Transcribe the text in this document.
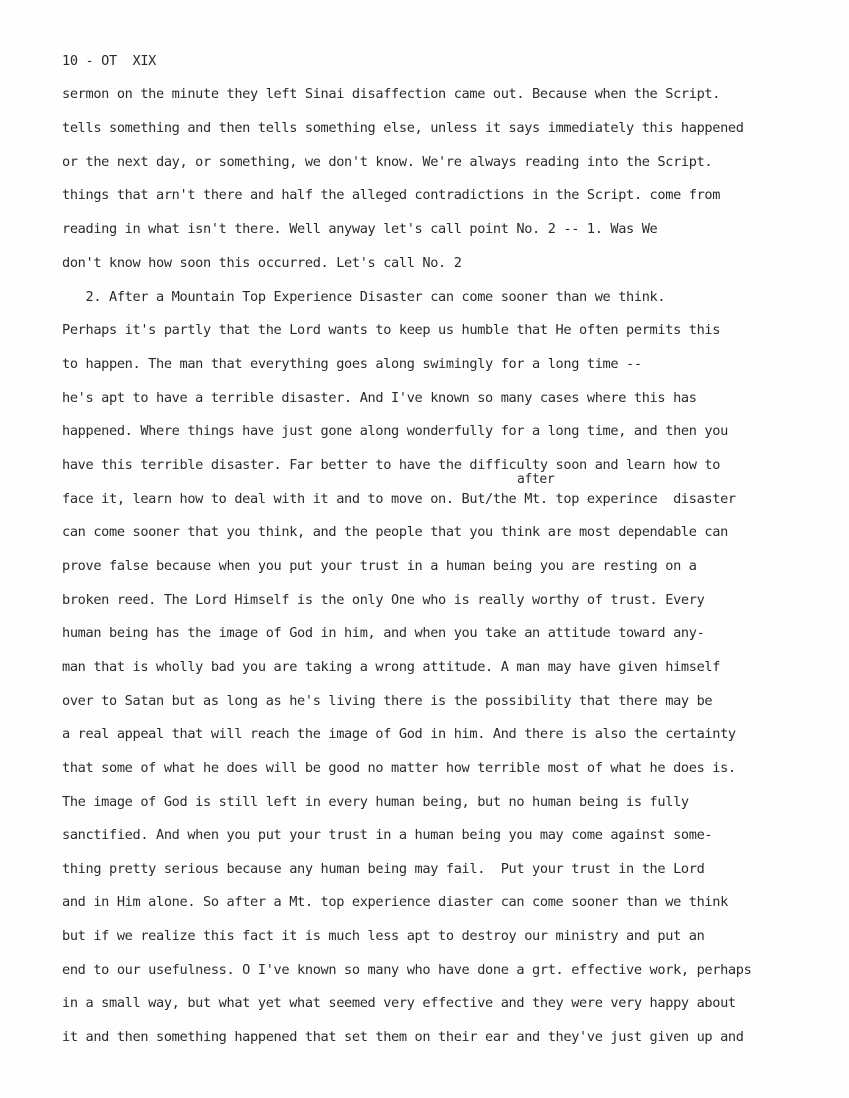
10 - OT  XIX
sermon on the minute they left Sinai disaffection came out. Because when the Script.
tells something and then tells something else, unless it says immediately this happened
or the next day, or something, we don't know. We're always reading into the Script.
things that arn't there and half the alleged contradictions in the Script. come from
reading in what isn't there. Well anyway let's call point No. 2 -- 1. Was We
don't know how soon this occurred. Let's call No. 2
2. After a Mountain Top Experience Disaster can come sooner than we think.
Perhaps it's partly that the Lord wants to keep us humble that He often permits this
to happen. The man that everything goes along swimingly for a long time --
he's apt to have a terrible disaster. And I've known so many cases where this has
happened. Where things have just gone along wonderfully for a long time, and then you
have this terrible disaster. Far better to have the difficulty soon and learn how to
after
face it, learn how to deal with it and to move on. But/the Mt. top experince  disaster
can come sooner that you think, and the people that you think are most dependable can
prove false because when you put your trust in a human being you are resting on a
broken reed. The Lord Himself is the only One who is really worthy of trust. Every
human being has the image of God in him, and when you take an attitude toward any-
man that is wholly bad you are taking a wrong attitude. A man may have given himself
over to Satan but as long as he's living there is the possibility that there may be
a real appeal that will reach the image of God in him. And there is also the certainty
that some of what he does will be good no matter how terrible most of what he does is.
The image of God is still left in every human being, but no human being is fully
sanctified. And when you put your trust in a human being you may come against some-
thing pretty serious because any human being may fail.  Put your trust in the Lord
and in Him alone. So after a Mt. top experience diaster can come sooner than we think
but if we realize this fact it is much less apt to destroy our ministry and put an
end to our usefulness. O I've known so many who have done a grt. effective work, perhaps
in a small way, but what yet what seemed very effective and they were very happy about
it and then something happened that set them on their ear and they've just given up and
